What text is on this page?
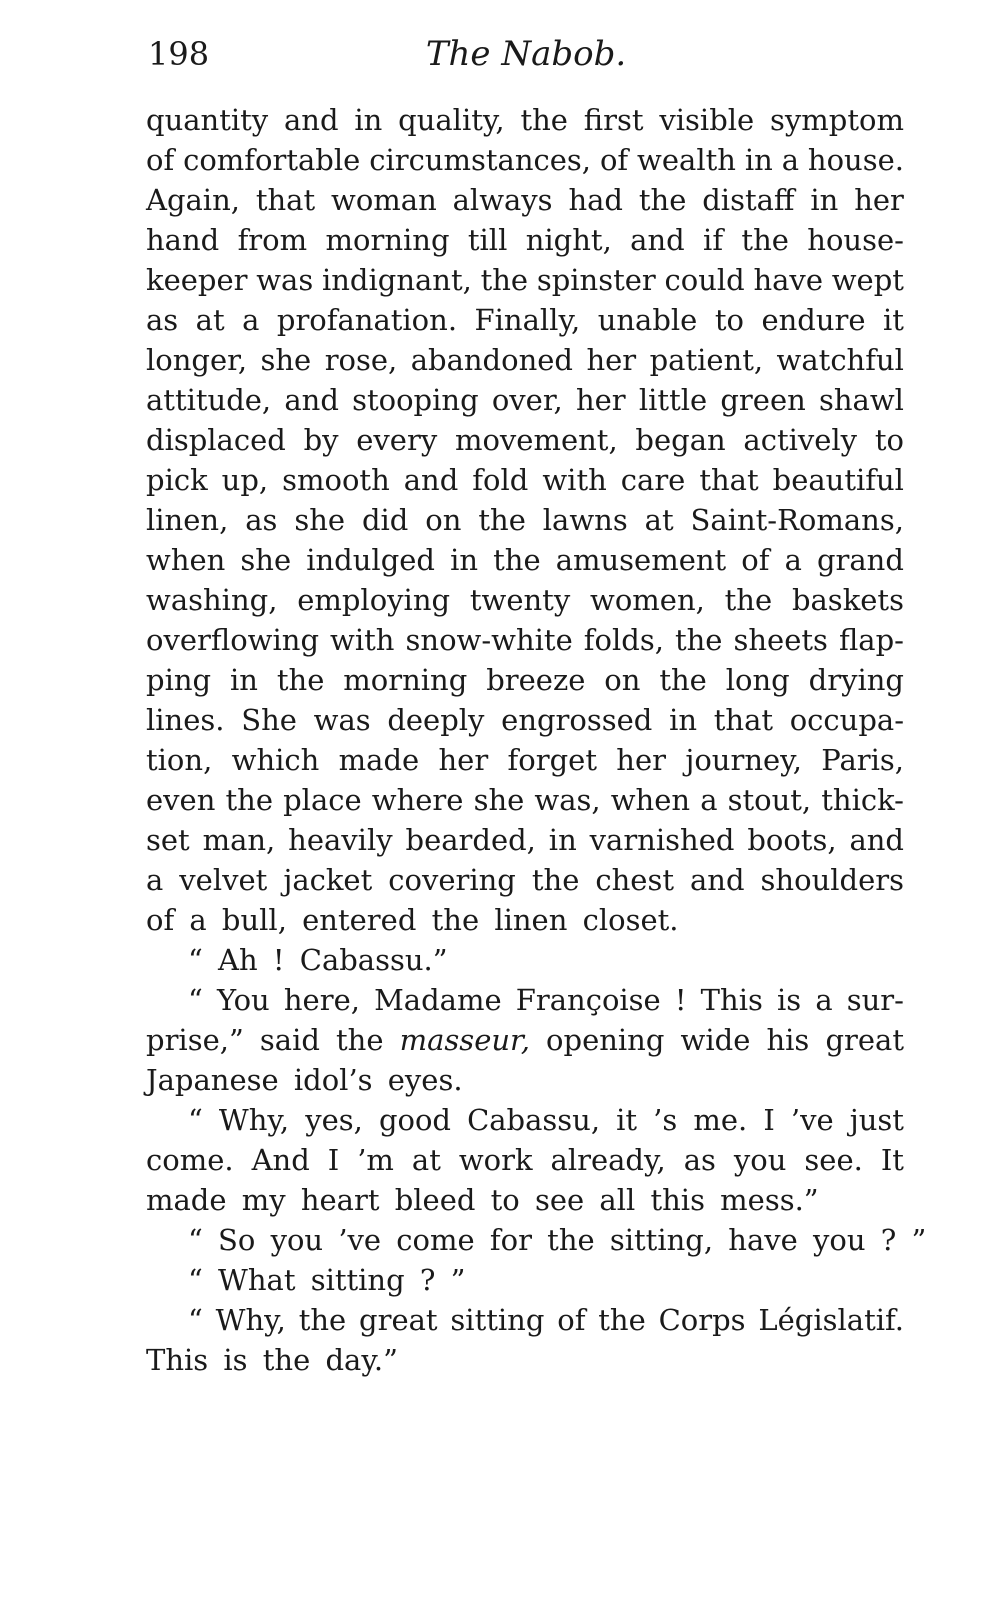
198	The Nabob.
quantity and in quality, the first visible symptom
of comfortable circumstances, of wealth in a house.
Again, that woman always had the distaff in her
hand from morning till night, and if the house-
keeper was indignant, the spinster could have wept
as at a profanation. Finally, unable to endure it
longer, she rose, abandoned her patient, watchful
attitude, and stooping over, her little green shawl
displaced by every movement, began actively to
pick up, smooth and fold with care that beautiful
linen, as she did on the lawns at Saint-Romans,
when she indulged in the amusement of a grand
washing, employing twenty women, the baskets
overflowing with snow-white folds, the sheets flap-
ping in the morning breeze on the long drying
lines. She was deeply engrossed in that occupa-
tion, which made her forget her journey, Paris,
even the place where she was, when a stout, thick-
set man, heavily bearded, in varnished boots, and
a velvet jacket covering the chest and shoulders
of a bull, entered the linen closet.
“ Ah ! Cabassu.”
“ You here, Madame Françoise ! This is a sur-
prise,” said the masseur, opening wide his great
Japanese idol’s eyes.
“ Why, yes, good Cabassu, it ’s me. I ’ve just
come. And I ’m at work already, as you see. It
made my heart bleed to see all this mess.”
“ So you ’ve come for the sitting, have you ? ”
“ What sitting ? ”
“ Why, the great sitting of the Corps Législatif.
This is the day.”
